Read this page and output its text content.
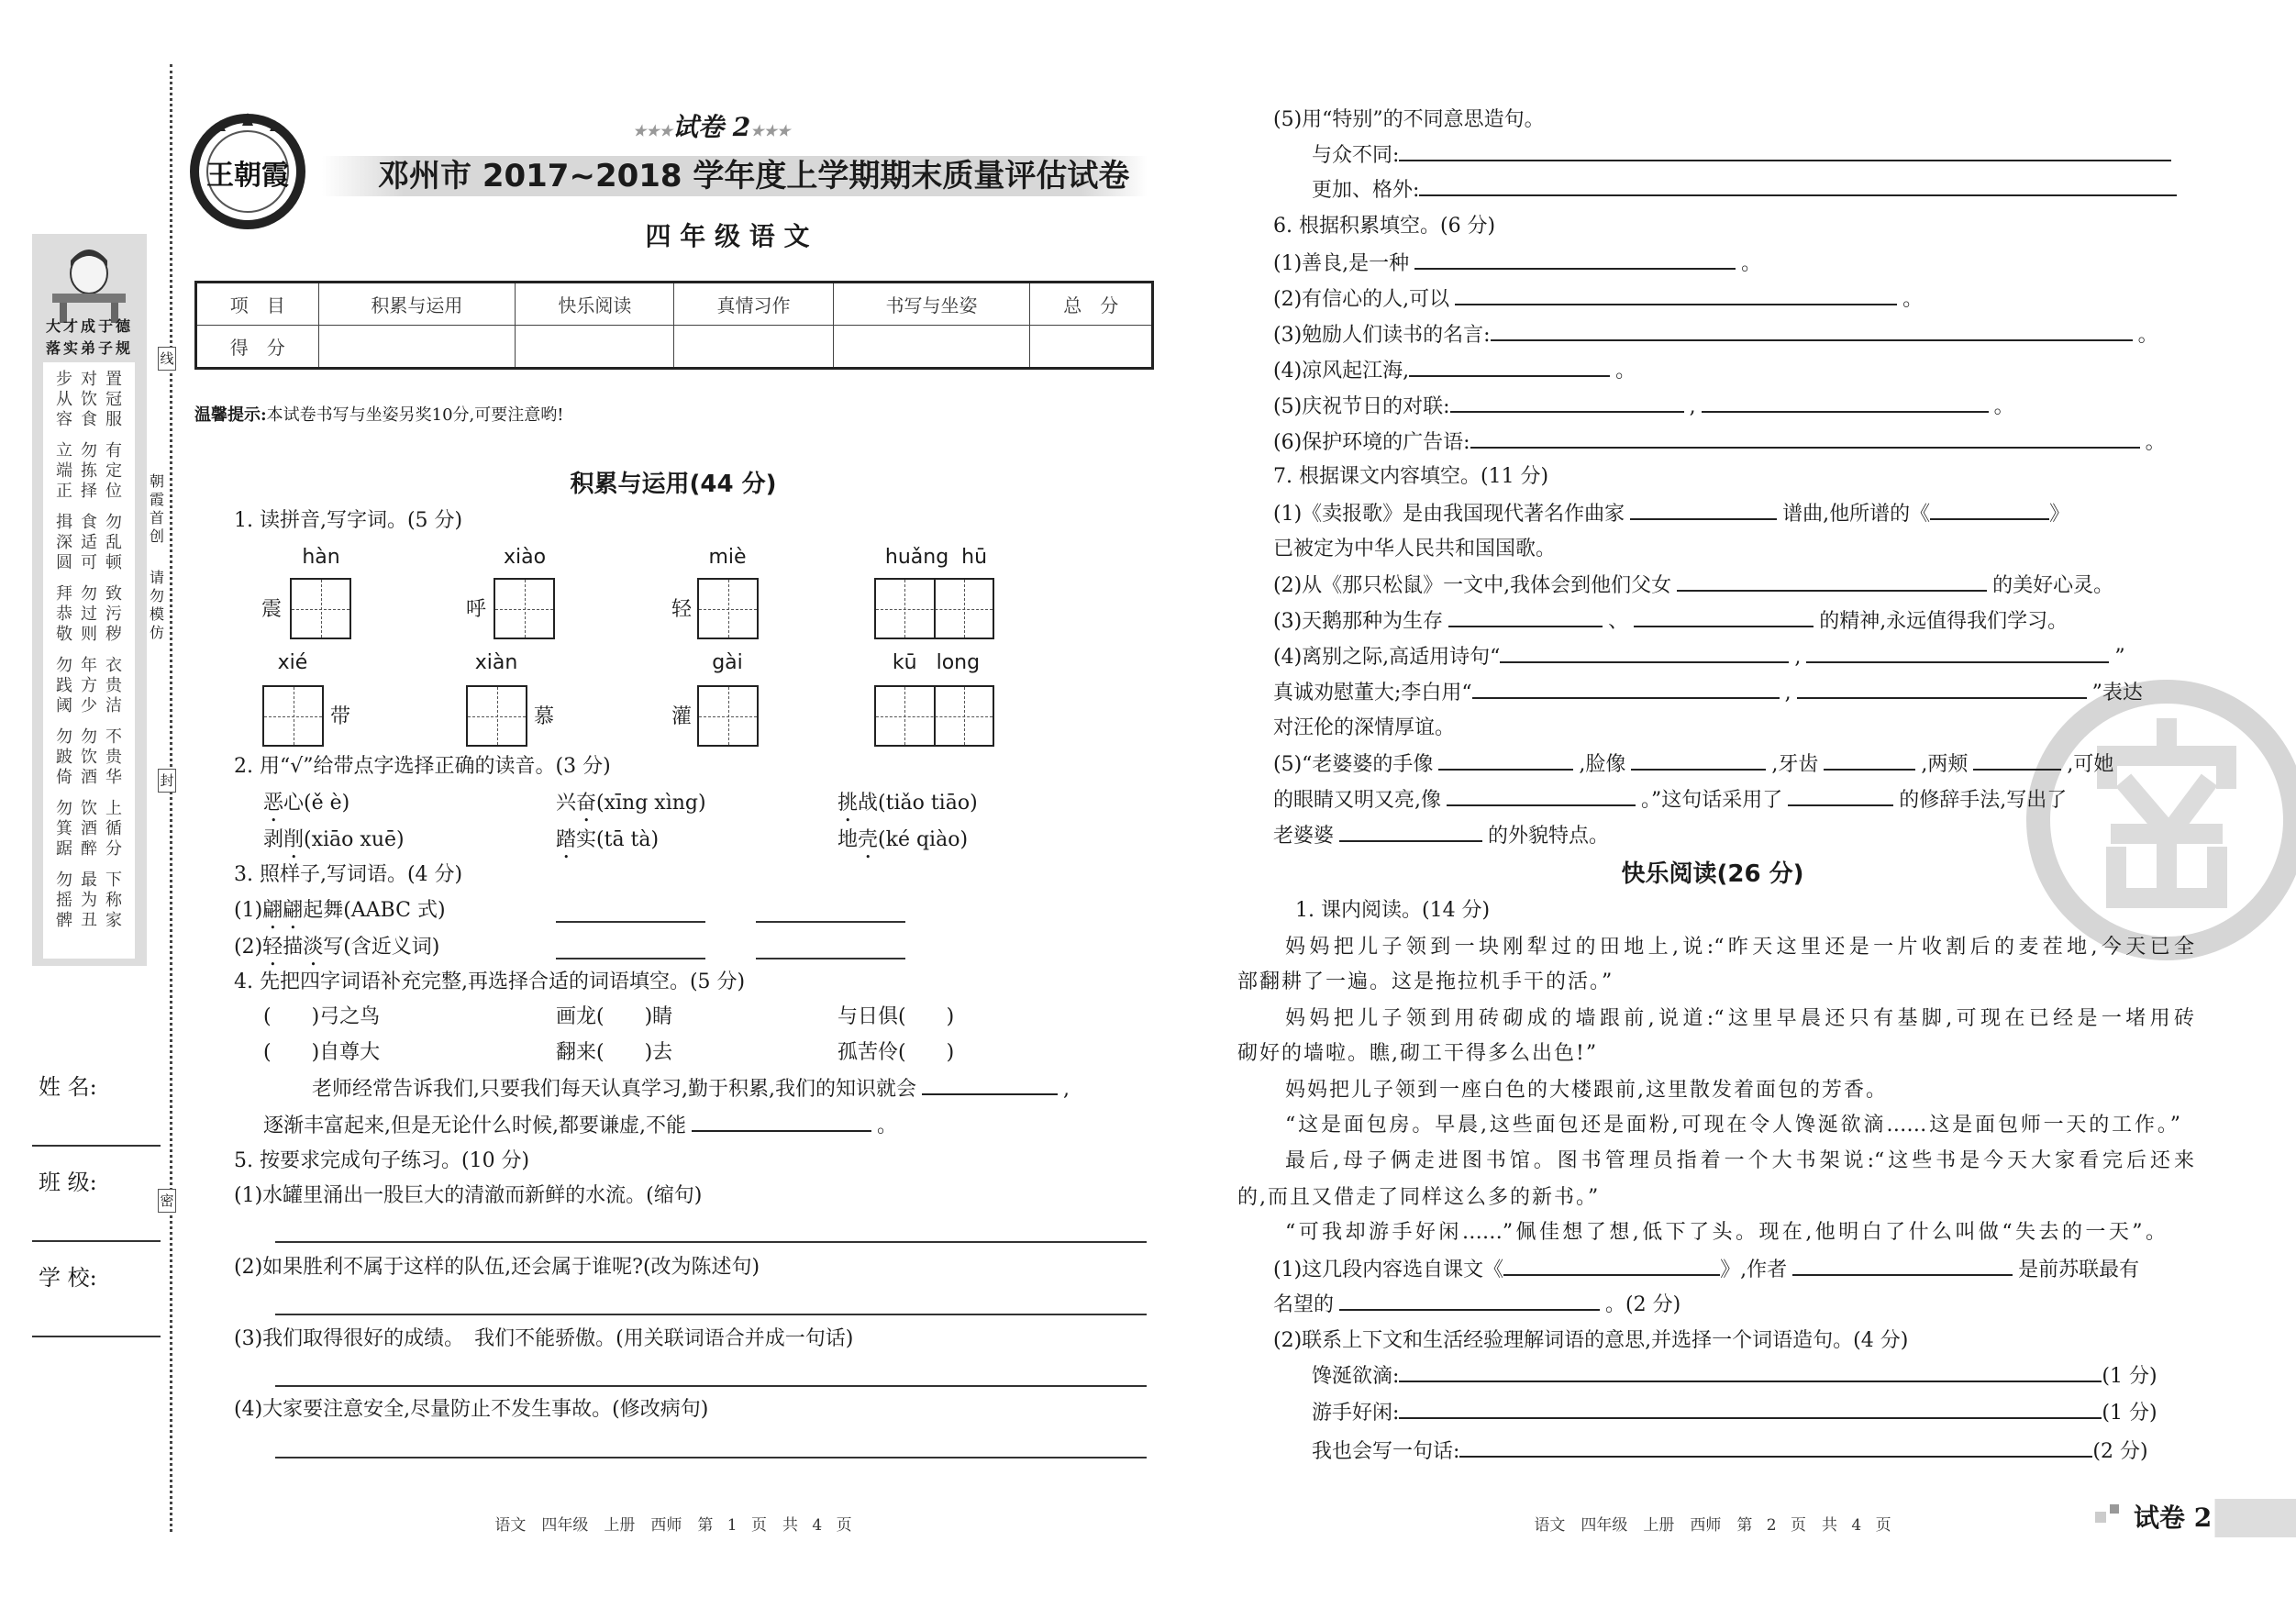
线
封
密
朝霞首创
请勿模仿
大才成于德
落实弟子规
步对置
从饮冠
容食服
立勿有
端拣定
正择位
揖食勿
深适乱
圆可顿
拜勿致
恭过污
敬则秽
勿年衣
践方贵
阈少洁
勿勿不
跛饮贵
倚酒华
勿饮上
箕酒循
踞醉分
勿最下
摇为称
髀丑家
姓 名:
班 级:
学 校:
王朝霞
★★★试卷 2★★★
邓州市 2017~2018 学年度上学期期末质量评估试卷
四 年 级 语 文
项　目	积累与运用	快乐阅读	真情习作	书写与坐姿	总　分
得　分					
温馨提示:本试卷书写与坐姿另奖10分,可要注意哟!
积累与运用(44 分)
1. 读拼音,写字词。(5 分)
hàn	xiào	miè	huǎng  hū
震	呼	轻
xié	xiàn	gài	kū   long
带	慕	灌
2. 用“√”给带点字选择正确的读音。(3 分)
恶心(ě è)	兴奋(xīng xìng)	挑战(tiǎo tiāo)
剥削(xiāo xuē)	踏实(tā tà)	地壳(ké qiào)
3. 照样子,写词语。(4 分)
(1)翩翩起舞(AABC 式)
(2)轻描淡写(含近义词)
4. 先把四字词语补充完整,再选择合适的词语填空。(5 分)
(　　)弓之鸟	画龙(　　)睛	与日俱(　　)
(　　)自尊大	翻来(　　)去	孤苦伶(　　)
老师经常告诉我们,只要我们每天认真学习,勤于积累,我们的知识就会	,
逐渐丰富起来,但是无论什么时候,都要谦虚,不能	。
5. 按要求完成句子练习。(10 分)
(1)水罐里涌出一股巨大的清澈而新鲜的水流。(缩句)
(2)如果胜利不属于这样的队伍,还会属于谁呢?(改为陈述句)
(3)我们取得很好的成绩。　我们不能骄傲。(用关联词语合并成一句话)
(4)大家要注意安全,尽量防止不发生事故。(修改病句)
语文　四年级　上册　西师　第 1 页　共 4 页
(5)用“特别”的不同意思造句。
与众不同:
更加、格外:
6. 根据积累填空。(6 分)
(1)善良,是一种	。
(2)有信心的人,可以	。
(3)勉励人们读书的名言:	。
(4)凉风起江海,	。
(5)庆祝节日的对联:	,	。
(6)保护环境的广告语:	。
7. 根据课文内容填空。(11 分)
(1)《卖报歌》是由我国现代著名作曲家	谱曲,他所谱的《	》
已被定为中华人民共和国国歌。
(2)从《那只松鼠》一文中,我体会到他们父女	的美好心灵。
(3)天鹅那种为生存	、	的精神,永远值得我们学习。
(4)离别之际,高适用诗句“	,	”
真诚劝慰董大;李白用“	,	”表达
对汪伦的深情厚谊。
(5)“老婆婆的手像	,脸像	,牙齿	,两颊	,可她
的眼睛又明又亮,像	。”这句话采用了	的修辞手法,写出了
老婆婆	的外貌特点。
快乐阅读(26 分)
1. 课内阅读。(14 分)
妈妈把儿子领到一块刚犁过的田地上,说:“昨天这里还是一片收割后的麦茬地,今天已全
部翻耕了一遍。这是拖拉机手干的活。”
妈妈把儿子领到用砖砌成的墙跟前,说道:“这里早晨还只有基脚,可现在已经是一堵用砖
砌好的墙啦。瞧,砌工干得多么出色!”
妈妈把儿子领到一座白色的大楼跟前,这里散发着面包的芳香。
“这是面包房。早晨,这些面包还是面粉,可现在令人馋涎欲滴……这是面包师一天的工作。”
最后,母子俩走进图书馆。图书管理员指着一个大书架说:“这些书是今天大家看完后还来
的,而且又借走了同样这么多的新书。”
“可我却游手好闲……”佩佳想了想,低下了头。现在,他明白了什么叫做“失去的一天”。
(1)这几段内容选自课文《	》,作者	是前苏联最有
名望的	。(2 分)
(2)联系上下文和生活经验理解词语的意思,并选择一个词语造句。(4 分)
馋涎欲滴:	(1 分)
游手好闲:	(1 分)
我也会写一句话:	(2 分)
语文　四年级　上册　西师　第 2 页　共 4 页	试卷 2
